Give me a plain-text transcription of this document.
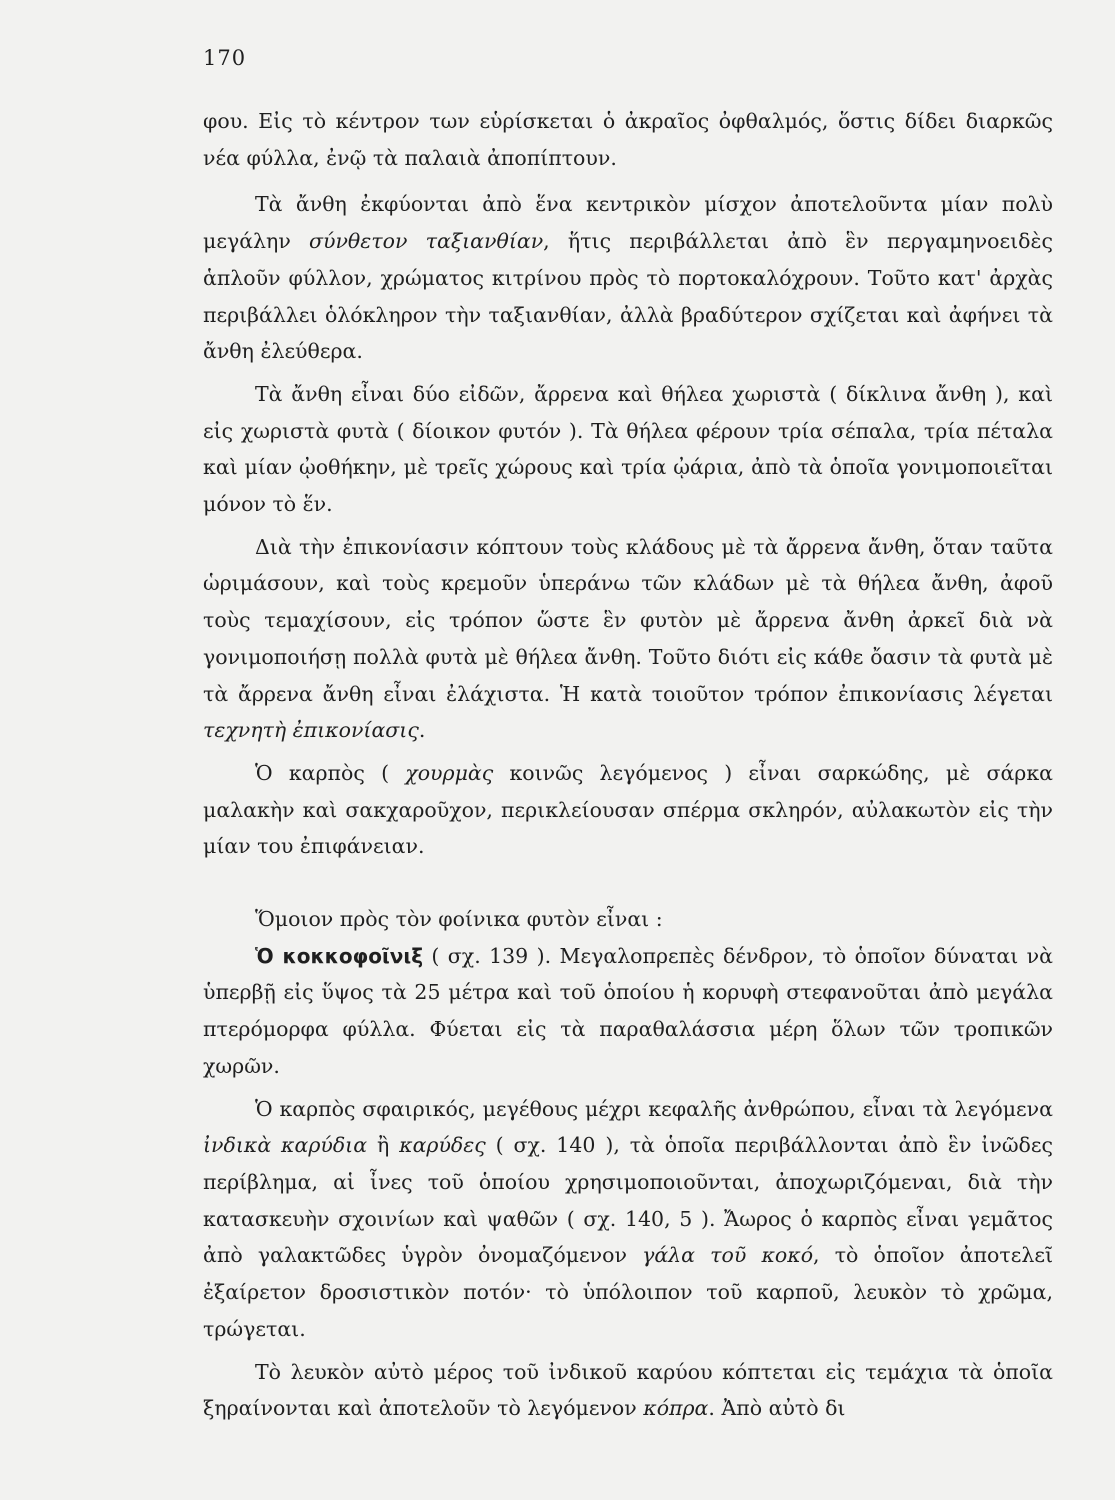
170

φου. Εἰς τὸ κέντρον των εὑρίσκεται ὁ ἀκραῖος ὀφθαλμός, ὅστις δίδει διαρκῶς νέα φύλλα, ἐνῷ τὰ παλαιὰ ἀποπίπτουν.

Τὰ ἄνθη ἐκφύονται ἀπὸ ἕνα κεντρικὸν μίσχον ἀποτελοῦντα μίαν πολὺ μεγάλην σύνθετον ταξιανθίαν, ἥτις περιβάλλεται ἀπὸ ἓν περγαμηνοειδὲς ἁπλοῦν φύλλον, χρώματος κιτρίνου πρὸς τὸ πορτοκαλόχρουν. Τοῦτο κατ' ἀρχὰς περιβάλλει ὁλόκληρον τὴν ταξιανθίαν, ἀλλὰ βραδύτερον σχίζεται καὶ ἀφήνει τὰ ἄνθη ἐλεύθερα.

Τὰ ἄνθη εἶναι δύο εἰδῶν, ἄρρενα καὶ θήλεα χωριστὰ ( δίκλινα ἄνθη ), καὶ εἰς χωριστὰ φυτὰ ( δίοικον φυτόν ). Τὰ θήλεα φέρουν τρία σέπαλα, τρία πέταλα καὶ μίαν ᾠοθήκην, μὲ τρεῖς χώρους καὶ τρία ᾠάρια, ἀπὸ τὰ ὁποῖα γονιμοποιεῖται μόνον τὸ ἕν.

Διὰ τὴν ἐπικονίασιν κόπτουν τοὺς κλάδους μὲ τὰ ἄρρενα ἄνθη, ὅταν ταῦτα ὡριμάσουν, καὶ τοὺς κρεμοῦν ὑπεράνω τῶν κλάδων μὲ τὰ θήλεα ἄνθη, ἀφοῦ τοὺς τεμαχίσουν, εἰς τρόπον ὥστε ἓν φυτὸν μὲ ἄρρενα ἄνθη ἀρκεῖ διὰ νὰ γονιμοποιήσῃ πολλὰ φυτὰ μὲ θήλεα ἄνθη. Τοῦτο διότι εἰς κάθε ὄασιν τὰ φυτὰ μὲ τὰ ἄρρενα ἄνθη εἶναι ἐλάχιστα. Ἡ κατὰ τοιοῦτον τρόπον ἐπικονίασις λέγεται τεχνητὴ ἐπικονίασις.

Ὁ καρπὸς ( χουρμὰς κοινῶς λεγόμενος ) εἶναι σαρκώδης, μὲ σάρκα μαλακὴν καὶ σακχαροῦχον, περικλείουσαν σπέρμα σκληρόν, αὐλακωτὸν εἰς τὴν μίαν του ἐπιφάνειαν.

Ὅμοιον πρὸς τὸν φοίνικα φυτὸν εἶναι :

Ὁ κοκκοφοῖνιξ ( σχ. 139 ). Μεγαλοπρεπὲς δένδρον, τὸ ὁποῖον δύναται νὰ ὑπερβῇ εἰς ὕψος τὰ 25 μέτρα καὶ τοῦ ὁποίου ἡ κορυφὴ στεφανοῦται ἀπὸ μεγάλα πτερόμορφα φύλλα. Φύεται εἰς τὰ παραθαλάσσια μέρη ὅλων τῶν τροπικῶν χωρῶν.

Ὁ καρπὸς σφαιρικός, μεγέθους μέχρι κεφαλῆς ἀνθρώπου, εἶναι τὰ λεγόμενα ἰνδικὰ καρύδια ἢ καρύδες ( σχ. 140 ), τὰ ὁποῖα περιβάλλονται ἀπὸ ἓν ἰνῶδες περίβλημα, αἱ ἶνες τοῦ ὁποίου χρησιμοποιοῦνται, ἀποχωριζόμεναι, διὰ τὴν κατασκευὴν σχοινίων καὶ ψαθῶν ( σχ. 140, 5 ). Ἄωρος ὁ καρπὸς εἶναι γεμᾶτος ἀπὸ γαλακτῶδες ὑγρὸν ὀνομαζόμενον γάλα τοῦ κοκό, τὸ ὁποῖον ἀποτελεῖ ἐξαίρετον δροσιστικὸν ποτόν· τὸ ὑπόλοιπον τοῦ καρποῦ, λευκὸν τὸ χρῶμα, τρώγεται.

Τὸ λευκὸν αὐτὸ μέρος τοῦ ἰνδικοῦ καρύου κόπτεται εἰς τεμάχια τὰ ὁποῖα ξηραίνονται καὶ ἀποτελοῦν τὸ λεγόμενον κόπρα. Ἀπὸ αὐτὸ δι
